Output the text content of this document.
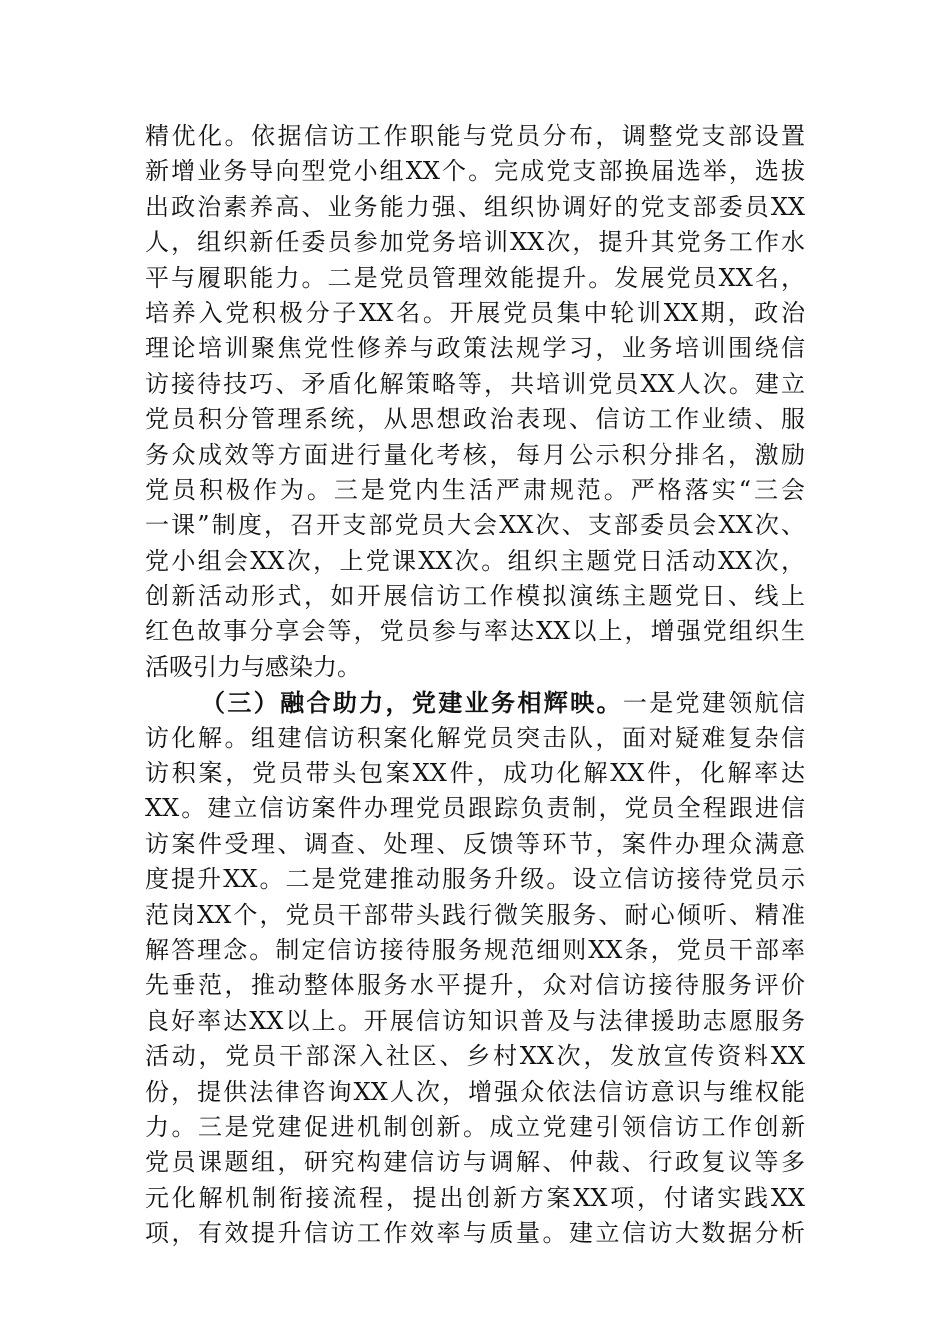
精优化。依据信访工作职能与党员分布，调整党支部设置
新增业务导向型党小组XX个。完成党支部换届选举，选拔
出政治素养高、业务能力强、组织协调好的党支部委员XX
人，组织新任委员参加党务培训XX次，提升其党务工作水
平与履职能力。二是党员管理效能提升。发展党员XX名，
培养入党积极分子XX名。开展党员集中轮训XX期，政治
理论培训聚焦党性修养与政策法规学习，业务培训围绕信
访接待技巧、矛盾化解策略等，共培训党员XX人次。建立
党员积分管理系统，从思想政治表现、信访工作业绩、服
务众成效等方面进行量化考核，每月公示积分排名，激励
党员积极作为。三是党内生活严肃规范。严格落实“三会
一课”制度，召开支部党员大会XX次、支部委员会XX次、
党小组会XX次，上党课XX次。组织主题党日活动XX次，
创新活动形式，如开展信访工作模拟演练主题党日、线上
红色故事分享会等，党员参与率达XX以上，增强党组织生
活吸引力与感染力。
（三）融合助力，党建业务相辉映。一是党建领航信
访化解。组建信访积案化解党员突击队，面对疑难复杂信
访积案，党员带头包案XX件，成功化解XX件，化解率达
XX。建立信访案件办理党员跟踪负责制，党员全程跟进信
访案件受理、调查、处理、反馈等环节，案件办理众满意
度提升XX。二是党建推动服务升级。设立信访接待党员示
范岗XX个，党员干部带头践行微笑服务、耐心倾听、精准
解答理念。制定信访接待服务规范细则XX条，党员干部率
先垂范，推动整体服务水平提升，众对信访接待服务评价
良好率达XX以上。开展信访知识普及与法律援助志愿服务
活动，党员干部深入社区、乡村XX次，发放宣传资料XX
份，提供法律咨询XX人次，增强众依法信访意识与维权能
力。三是党建促进机制创新。成立党建引领信访工作创新
党员课题组，研究构建信访与调解、仲裁、行政复议等多
元化解机制衔接流程，提出创新方案XX项，付诸实践XX
项，有效提升信访工作效率与质量。建立信访大数据分析
